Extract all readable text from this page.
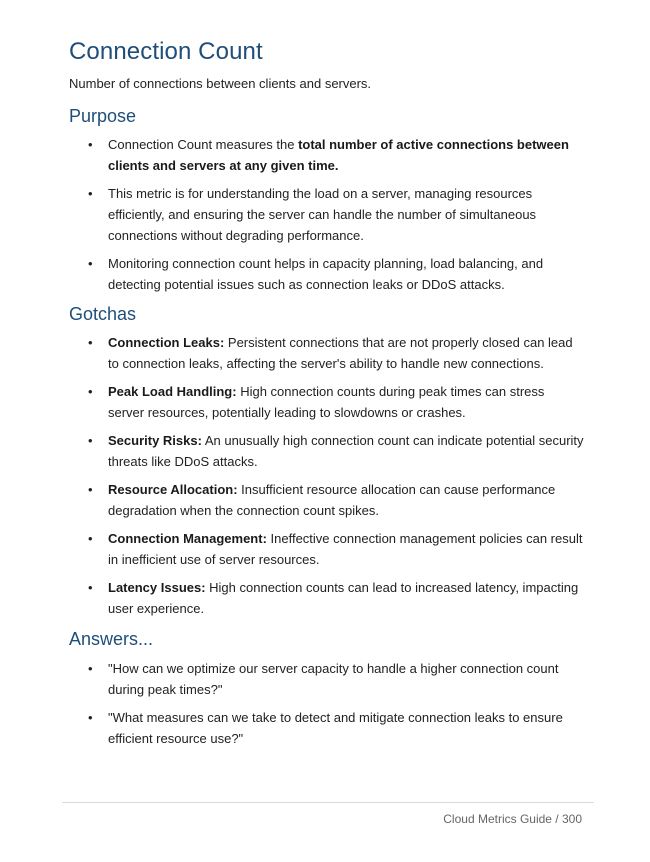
Connection Count

Number of connections between clients and servers.

Purpose
• Connection Count measures the total number of active connections between clients and servers at any given time.
• This metric is for understanding the load on a server, managing resources efficiently, and ensuring the server can handle the number of simultaneous connections without degrading performance.
• Monitoring connection count helps in capacity planning, load balancing, and detecting potential issues such as connection leaks or DDoS attacks.
Gotchas
• Connection Leaks: Persistent connections that are not properly closed can lead to connection leaks, affecting the server's ability to handle new connections.
• Peak Load Handling: High connection counts during peak times can stress server resources, potentially leading to slowdowns or crashes.
• Security Risks: An unusually high connection count can indicate potential security threats like DDoS attacks.
• Resource Allocation: Insufficient resource allocation can cause performance degradation when the connection count spikes.
• Connection Management: Ineffective connection management policies can result in inefficient use of server resources.
• Latency Issues: High connection counts can lead to increased latency, impacting user experience.
Answers...
• "How can we optimize our server capacity to handle a higher connection count during peak times?"
• "What measures can we take to detect and mitigate connection leaks to ensure efficient resource use?"
Cloud Metrics Guide / 300
